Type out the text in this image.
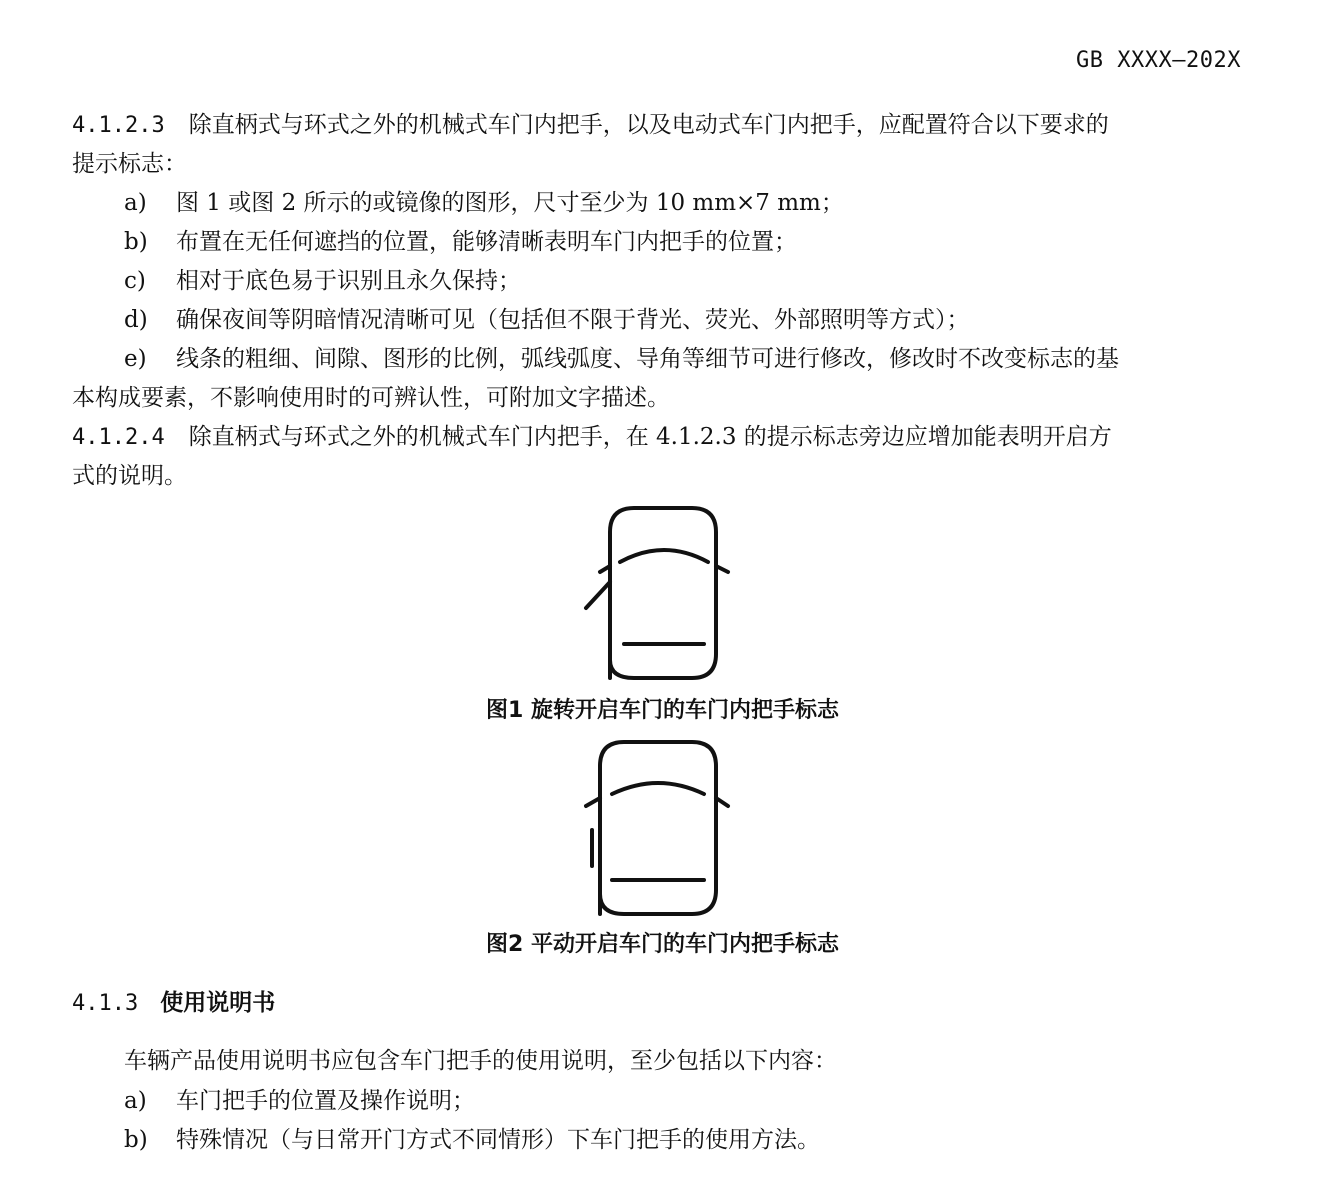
GB XXXX—202X
4.1.2.3 除直柄式与环式之外的机械式车门内把手，以及电动式车门内把手，应配置符合以下要求的
提示标志：
a) 图 1 或图 2 所示的或镜像的图形，尺寸至少为 10 mm×7 mm；
b) 布置在无任何遮挡的位置，能够清晰表明车门内把手的位置；
c) 相对于底色易于识别且永久保持；
d) 确保夜间等阴暗情况清晰可见（包括但不限于背光、荧光、外部照明等方式）；
e) 线条的粗细、间隙、图形的比例，弧线弧度、导角等细节可进行修改，修改时不改变标志的基
本构成要素，不影响使用时的可辨认性，可附加文字描述。
4.1.2.4 除直柄式与环式之外的机械式车门内把手，在 4.1.2.3 的提示标志旁边应增加能表明开启方
式的说明。
图1 旋转开启车门的车门内把手标志
图2 平动开启车门的车门内把手标志
4.1.3 使用说明书
车辆产品使用说明书应包含车门把手的使用说明，至少包括以下内容：
a) 车门把手的位置及操作说明；
b) 特殊情况（与日常开门方式不同情形）下车门把手的使用方法。
